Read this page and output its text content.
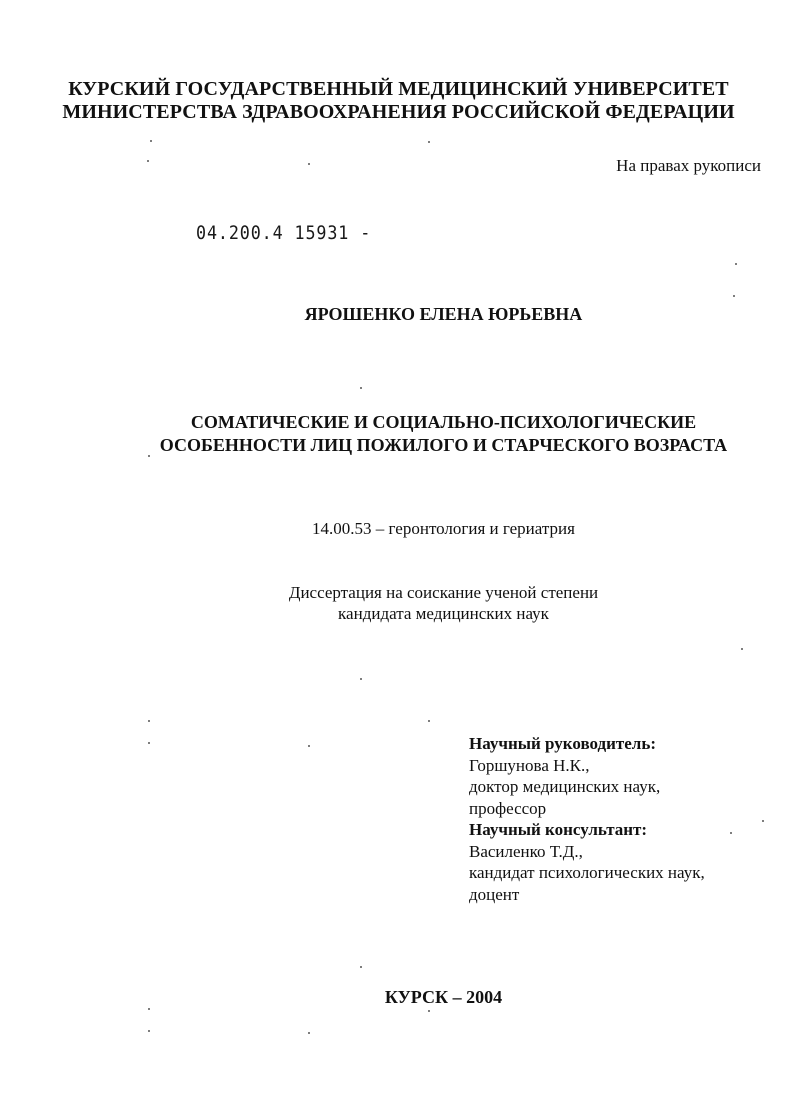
КУРСКИЙ ГОСУДАРСТВЕННЫЙ МЕДИЦИНСКИЙ УНИВЕРСИТЕТ
МИНИСТЕРСТВА ЗДРАВООХРАНЕНИЯ РОССИЙСКОЙ ФЕДЕРАЦИИ
На правах рукописи
04.200.4 15931 -
ЯРОШЕНКО ЕЛЕНА ЮРЬЕВНА
СОМАТИЧЕСКИЕ И СОЦИАЛЬНО-ПСИХОЛОГИЧЕСКИЕ
ОСОБЕННОСТИ ЛИЦ ПОЖИЛОГО И СТАРЧЕСКОГО ВОЗРАСТА
14.00.53 – геронтология и гериатрия
Диссертация на соискание ученой степени
кандидата медицинских наук
Научный руководитель:
Горшунова Н.К.,
доктор медицинских наук,
профессор
Научный консультант:
Василенко Т.Д.,
кандидат психологических наук,
доцент
КУРСК – 2004
